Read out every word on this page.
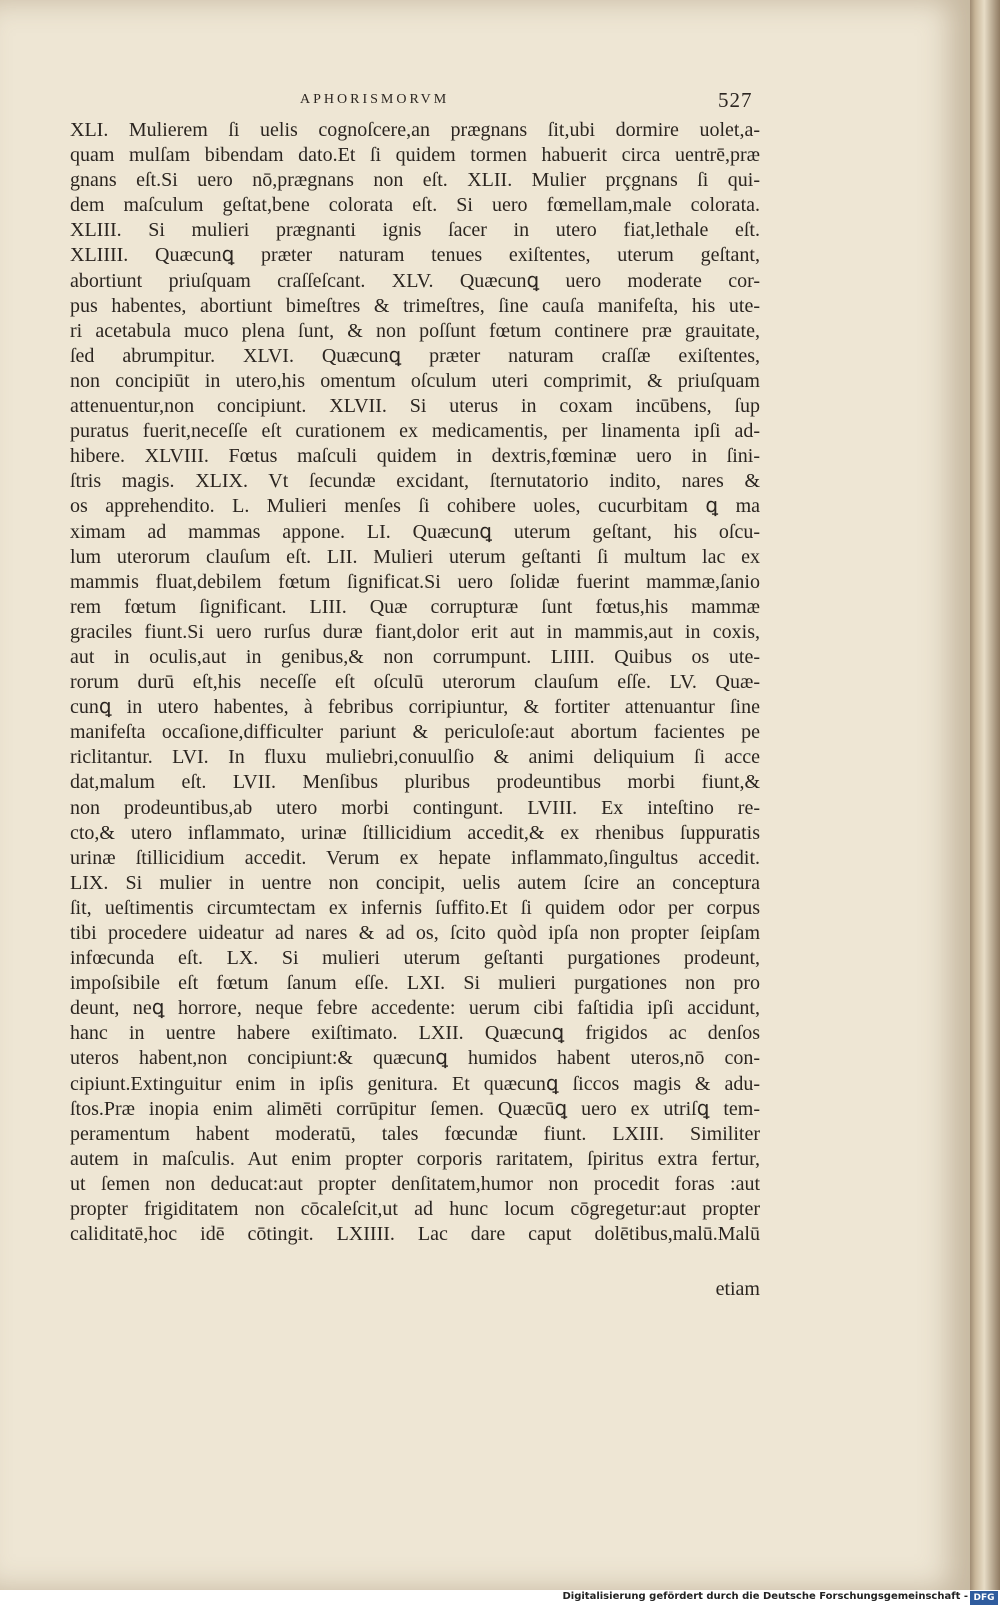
APHORISMORVM	527

XLI. Mulierem ſi uelis cognoſcere,an prægnans ſit,ubi dormire uolet,a-

quam mulſam bibendam dato.Et ſi quidem tormen habuerit circa uentrē,præ

gnans eſt.Si uero nō,prægnans non eſt. XLII. Mulier prçgnans ſi qui-

dem maſculum geſtat,bene colorata eſt. Si uero fœmellam,male colorata.

XLIII. Si mulieri prægnanti ignis ſacer in utero fiat,lethale eſt.

XLIIII. Quæcunꝗ præter naturam tenues exiſtentes, uterum geſtant,

abortiunt priuſquam craſſeſcant. XLV. Quæcunꝗ uero moderate cor-

pus habentes, abortiunt bimeſtres & trimeſtres, ſine cauſa manifeſta, his ute-

ri acetabula muco plena ſunt, & non poſſunt fœtum continere præ grauitate,

ſed abrumpitur. XLVI. Quæcunꝗ præter naturam craſſæ exiſtentes,

non concipiūt in utero,his omentum oſculum uteri comprimit, & priuſquam

attenuentur,non concipiunt. XLVII. Si uterus in coxam incūbens, ſup

puratus fuerit,neceſſe eſt curationem ex medicamentis, per linamenta ipſi ad-

hibere. XLVIII. Fœtus maſculi quidem in dextris,fœminæ uero in ſini-

ſtris magis. XLIX. Vt ſecundæ excidant, ſternutatorio indito, nares &

os apprehendito. L. Mulieri menſes ſi cohibere uoles, cucurbitam ꝗ ma

ximam ad mammas appone. LI. Quæcunꝗ uterum geſtant, his oſcu-

lum uterorum clauſum eſt. LII. Mulieri uterum geſtanti ſi multum lac ex

mammis fluat,debilem fœtum ſignificat.Si uero ſolidæ fuerint mammæ,ſanio

rem fœtum ſignificant. LIII. Quæ corrupturæ ſunt fœtus,his mammæ

graciles fiunt.Si uero rurſus duræ fiant,dolor erit aut in mammis,aut in coxis,

aut in oculis,aut in genibus,& non corrumpunt. LIIII. Quibus os ute-

rorum durū eſt,his neceſſe eſt oſculū uterorum clauſum eſſe. LV. Quæ-

cunꝗ in utero habentes, à febribus corripiuntur, & fortiter attenuantur ſine

manifeſta occaſione,difficulter pariunt & periculoſe:aut abortum facientes pe

riclitantur. LVI. In fluxu muliebri,conuulſio & animi deliquium ſi acce

dat,malum eſt. LVII. Menſibus pluribus prodeuntibus morbi fiunt,&

non prodeuntibus,ab utero morbi contingunt. LVIII. Ex inteſtino re-

cto,& utero inflammato, urinæ ſtillicidium accedit,& ex rhenibus ſuppuratis

urinæ ſtillicidium accedit. Verum ex hepate inflammato,ſingultus accedit.

LIX. Si mulier in uentre non concipit, uelis autem ſcire an conceptura

ſit, ueſtimentis circumtectam ex infernis ſuffito.Et ſi quidem odor per corpus

tibi procedere uideatur ad nares & ad os, ſcito quòd ipſa non propter ſeipſam

infœcunda eſt. LX. Si mulieri uterum geſtanti purgationes prodeunt,

impoſsibile eſt fœtum ſanum eſſe. LXI. Si mulieri purgationes non pro

deunt, neꝗ horrore, neque febre accedente: uerum cibi faſtidia ipſi accidunt,

hanc in uentre habere exiſtimato. LXII. Quæcunꝗ frigidos ac denſos

uteros habent,non concipiunt:& quæcunꝗ humidos habent uteros,nō con-

cipiunt.Extinguitur enim in ipſis genitura. Et quæcunꝗ ſiccos magis & adu-

ſtos.Præ inopia enim alimēti corrūpitur ſemen. Quæcūꝗ uero ex utriſꝗ tem-

peramentum habent moderatū, tales fœcundæ fiunt. LXIII. Similiter

autem in maſculis. Aut enim propter corporis raritatem, ſpiritus extra fertur,

ut ſemen non deducat:aut propter denſitatem,humor non procedit foras :aut

propter frigiditatem non cōcaleſcit,ut ad hunc locum cōgregetur:aut propter

caliditatē,hoc idē cōtingit. LXIIII. Lac dare caput dolētibus,malū.Malū

etiam
Digitalisierung gefördert durch die Deutsche Forschungsgemeinschaft - DFG
